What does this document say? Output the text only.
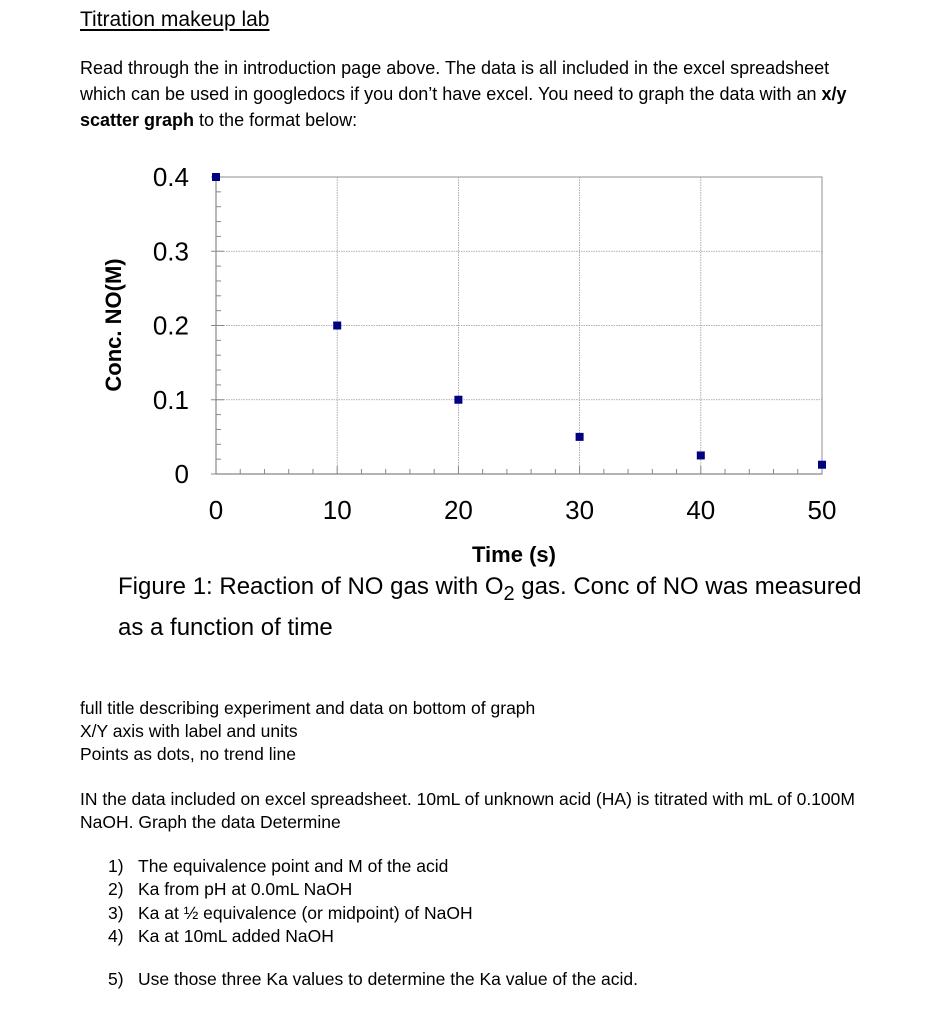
Titration makeup lab
Read through the in introduction page above. The data is all included in the excel spreadsheet which can be used in googledocs if you don’t have excel. You need to graph the data with an x/y scatter graph to the format below:
0	10	20	30	40	50
0
0.1
0.2
0.3
0.4
Time (s)
Conc. NO(M)
Figure 1: Reaction of NO gas with $O_2$ gas. Conc of NO was measured as a function of time
full title describing experiment and data on bottom of graph
X/Y axis with label and units
Points as dots, no trend line
IN the data included on excel spreadsheet. 10mL of unknown acid (HA) is titrated with mL of 0.100M NaOH. Graph the data Determine
1) The equivalence point and M of the acid
2) Ka from pH at 0.0mL NaOH
3) Ka at ½ equivalence (or midpoint) of NaOH
4) Ka at 10mL added NaOH
5) Use those three Ka values to determine the Ka value of the acid.
